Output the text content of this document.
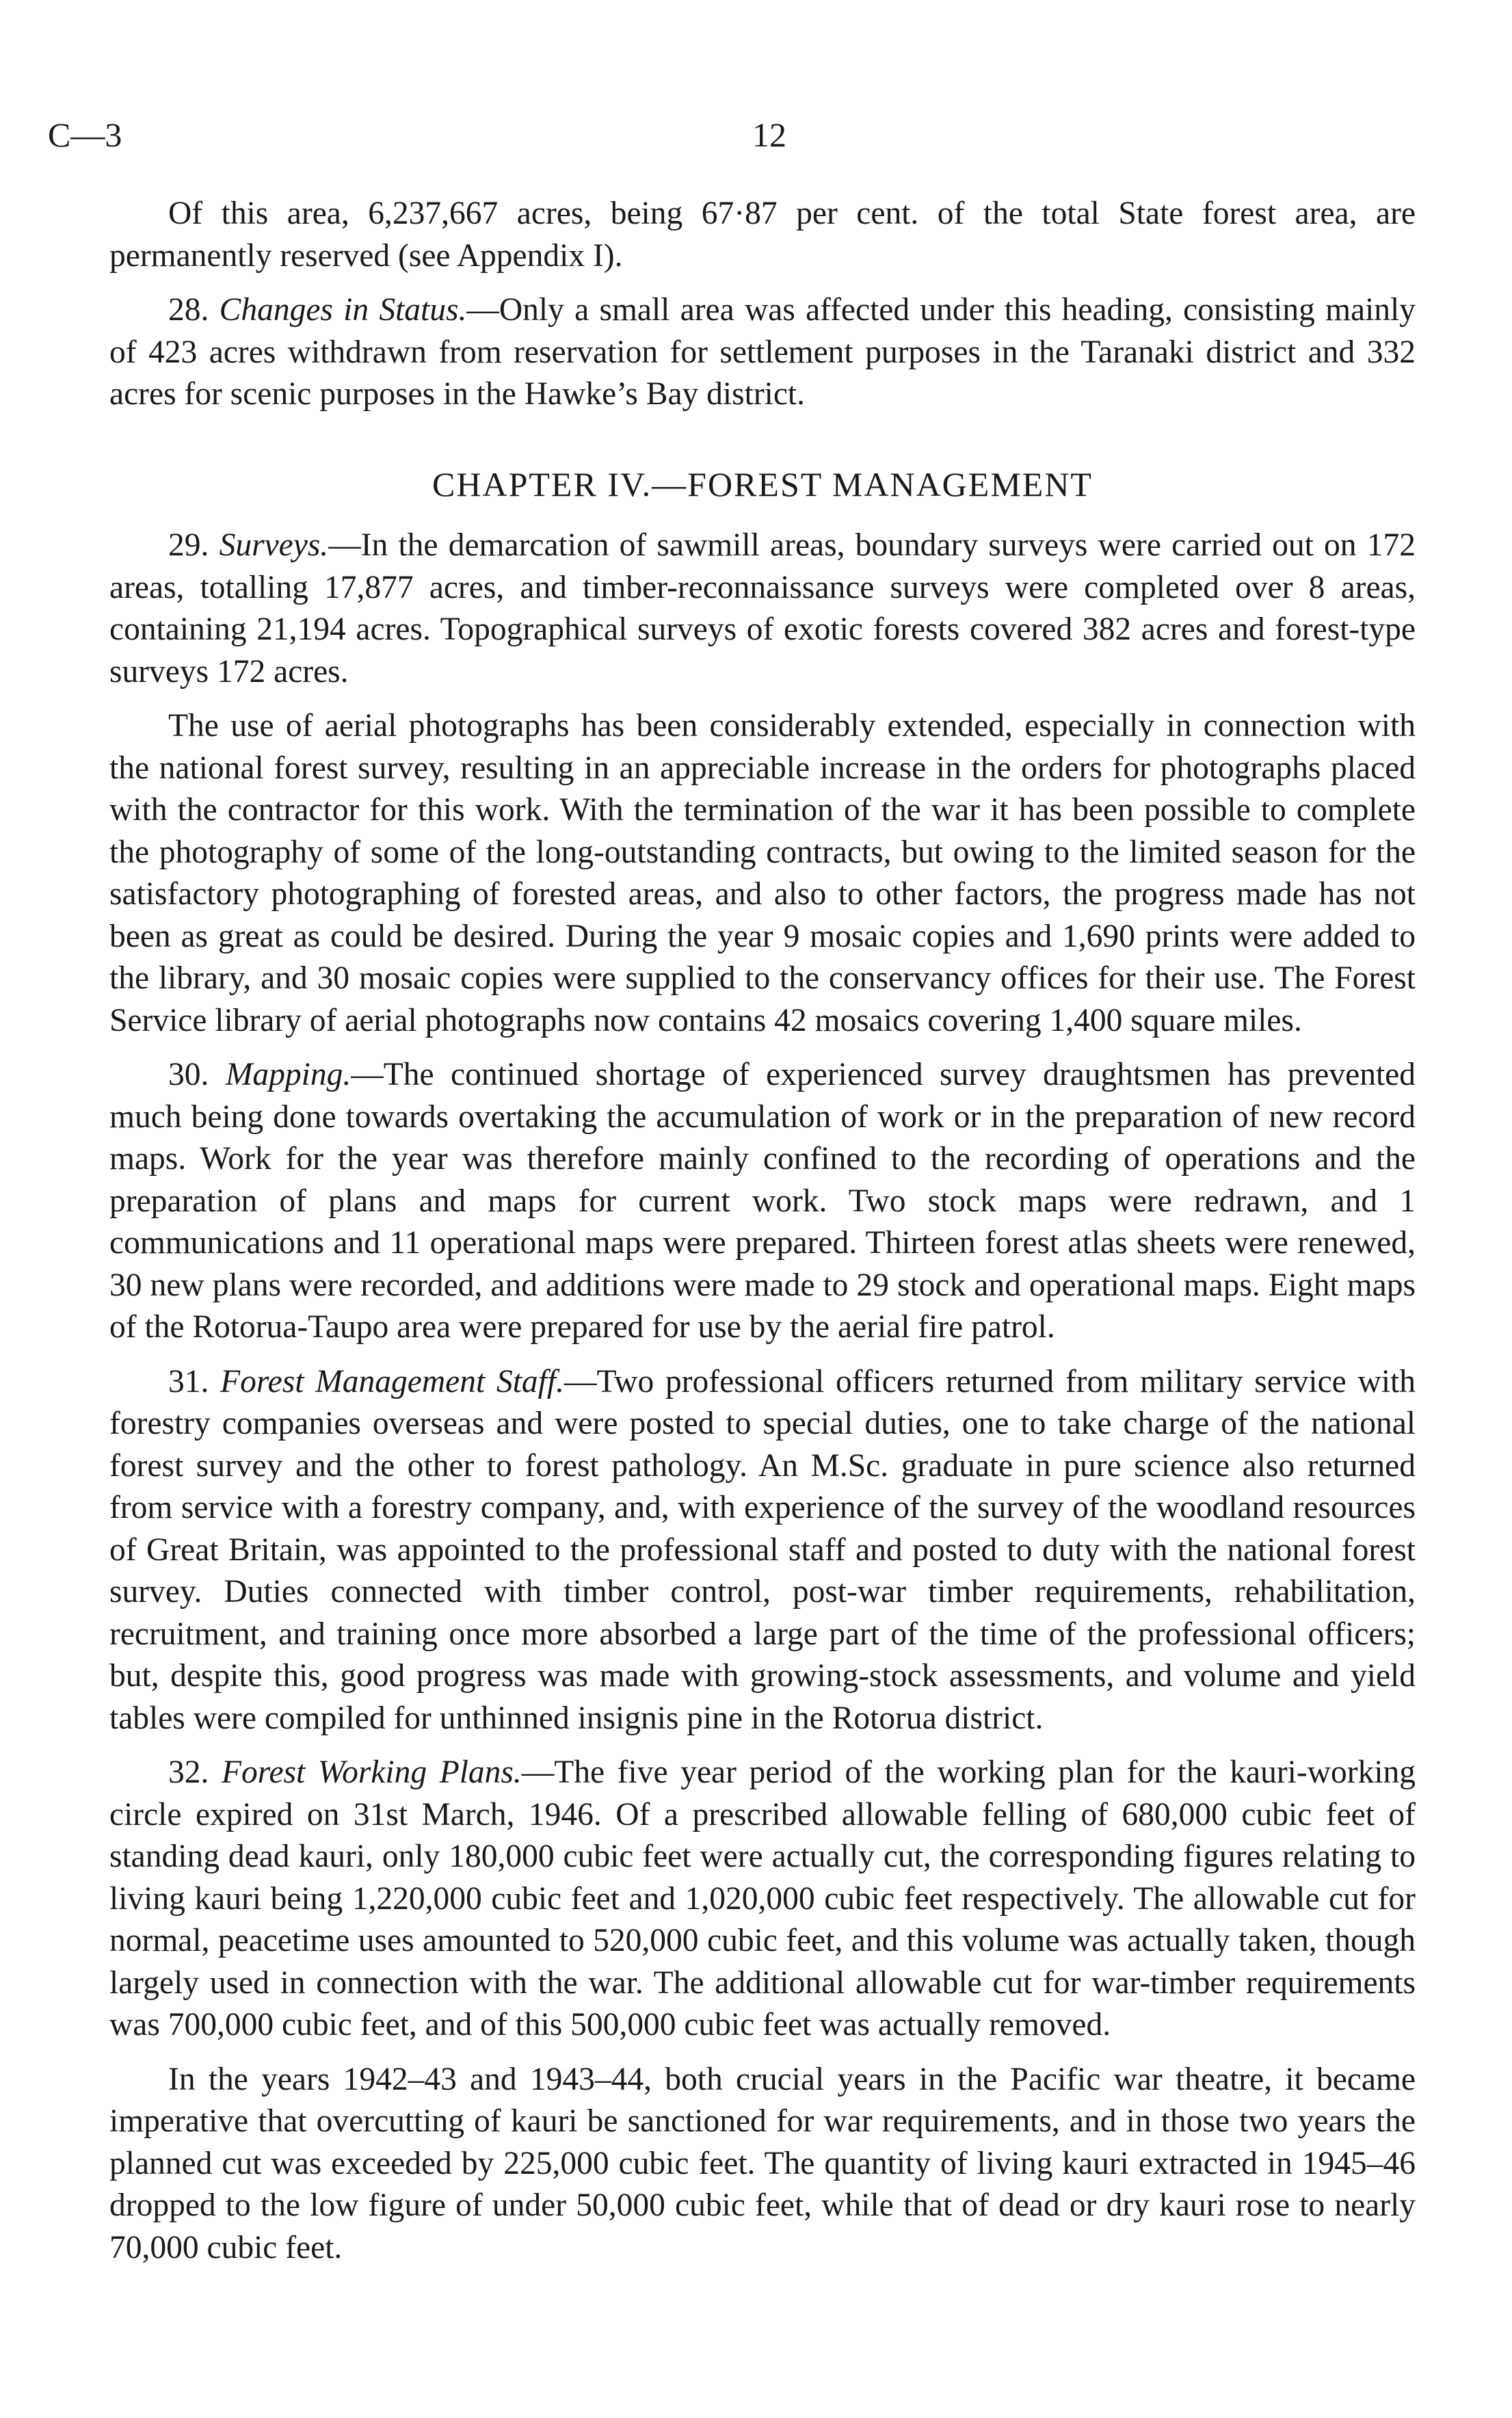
C—3	12

Of this area, 6,237,667 acres, being 67·87 per cent. of the total State forest area, are permanently reserved (see Appendix I).

28. Changes in Status.—Only a small area was affected under this heading, consisting mainly of 423 acres withdrawn from reservation for settlement purposes in the Taranaki district and 332 acres for scenic purposes in the Hawke’s Bay district.

CHAPTER IV.—FOREST MANAGEMENT

29. Surveys.—In the demarcation of sawmill areas, boundary surveys were carried out on 172 areas, totalling 17,877 acres, and timber-reconnaissance surveys were completed over 8 areas, containing 21,194 acres. Topographical surveys of exotic forests covered 382 acres and forest-type surveys 172 acres.

The use of aerial photographs has been considerably extended, especially in connection with the national forest survey, resulting in an appreciable increase in the orders for photographs placed with the contractor for this work. With the termination of the war it has been possible to complete the photography of some of the long-outstanding contracts, but owing to the limited season for the satisfactory photographing of forested areas, and also to other factors, the progress made has not been as great as could be desired. During the year 9 mosaic copies and 1,690 prints were added to the library, and 30 mosaic copies were supplied to the conservancy offices for their use. The Forest Service library of aerial photographs now contains 42 mosaics covering 1,400 square miles.

30. Mapping.—The continued shortage of experienced survey draughtsmen has prevented much being done towards overtaking the accumulation of work or in the preparation of new record maps. Work for the year was therefore mainly confined to the recording of operations and the preparation of plans and maps for current work. Two stock maps were redrawn, and 1 communications and 11 operational maps were prepared. Thirteen forest atlas sheets were renewed, 30 new plans were recorded, and additions were made to 29 stock and operational maps. Eight maps of the Rotorua-Taupo area were prepared for use by the aerial fire patrol.

31. Forest Management Staff.—Two professional officers returned from military service with forestry companies overseas and were posted to special duties, one to take charge of the national forest survey and the other to forest pathology. An M.Sc. graduate in pure science also returned from service with a forestry company, and, with experience of the survey of the woodland resources of Great Britain, was appointed to the professional staff and posted to duty with the national forest survey. Duties connected with timber control, post-war timber requirements, rehabilitation, recruitment, and training once more absorbed a large part of the time of the professional officers; but, despite this, good progress was made with growing-stock assessments, and volume and yield tables were compiled for unthinned insignis pine in the Rotorua district.

32. Forest Working Plans.—The five year period of the working plan for the kauri-working circle expired on 31st March, 1946. Of a prescribed allowable felling of 680,000 cubic feet of standing dead kauri, only 180,000 cubic feet were actually cut, the corresponding figures relating to living kauri being 1,220,000 cubic feet and 1,020,000 cubic feet respectively. The allowable cut for normal, peacetime uses amounted to 520,000 cubic feet, and this volume was actually taken, though largely used in connection with the war. The additional allowable cut for war-timber requirements was 700,000 cubic feet, and of this 500,000 cubic feet was actually removed.

In the years 1942–43 and 1943–44, both crucial years in the Pacific war theatre, it became imperative that overcutting of kauri be sanctioned for war requirements, and in those two years the planned cut was exceeded by 225,000 cubic feet. The quantity of living kauri extracted in 1945–46 dropped to the low figure of under 50,000 cubic feet, while that of dead or dry kauri rose to nearly 70,000 cubic feet.
